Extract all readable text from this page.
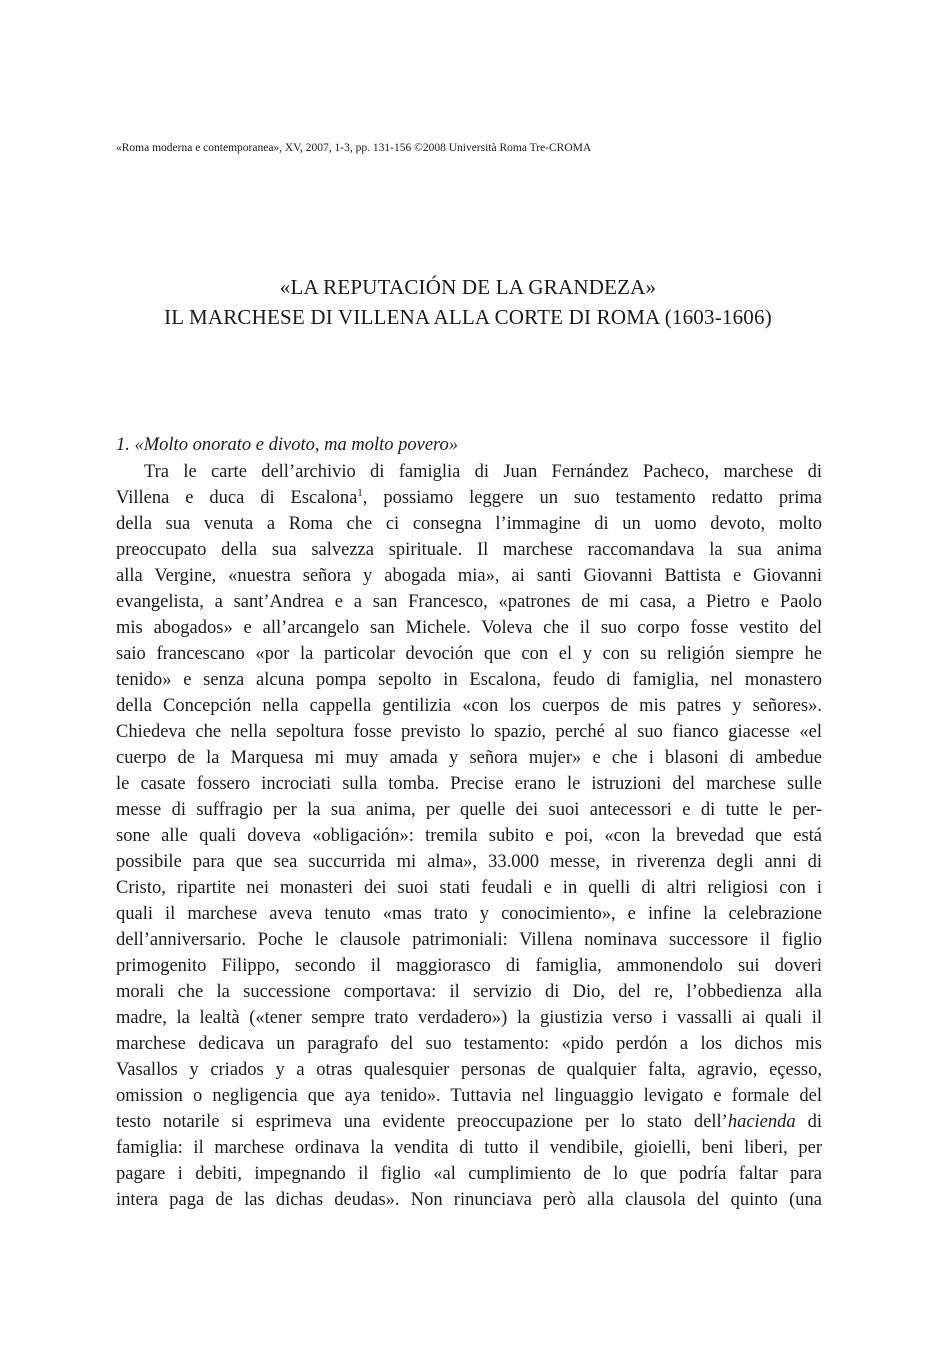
«Roma moderna e contemporanea», XV, 2007, 1-3, pp. 131-156 ©2008 Università Roma Tre-CROMA
«LA REPUTACIÓN DE LA GRANDEZA»
IL MARCHESE DI VILLENA ALLA CORTE DI ROMA (1603-1606)
1. «Molto onorato e divoto, ma molto povero»
Tra le carte dell’archivio di famiglia di Juan Fernández Pacheco, marchese di
Villena e duca di Escalona$^1$, possiamo leggere un suo testamento redatto prima
della sua venuta a Roma che ci consegna l’immagine di un uomo devoto, molto
preoccupato della sua salvezza spirituale. Il marchese raccomandava la sua anima
alla Vergine, «nuestra señora y abogada mia», ai santi Giovanni Battista e Giovanni
evangelista, a sant’Andrea e a san Francesco, «patrones de mi casa, a Pietro e Paolo
mis abogados» e all’arcangelo san Michele. Voleva che il suo corpo fosse vestito del
saio francescano «por la particolar devoción que con el y con su religión siempre he
tenido» e senza alcuna pompa sepolto in Escalona, feudo di famiglia, nel monastero
della Concepción nella cappella gentilizia «con los cuerpos de mis patres y señores».
Chiedeva che nella sepoltura fosse previsto lo spazio, perché al suo fianco giacesse «el
cuerpo de la Marquesa mi muy amada y señora mujer» e che i blasoni di ambedue
le casate fossero incrociati sulla tomba. Precise erano le istruzioni del marchese sulle
messe di suffragio per la sua anima, per quelle dei suoi antecessori e di tutte le per-
sone alle quali doveva «obligación»: tremila subito e poi, «con la brevedad que está
possibile para que sea succurrida mi alma», 33.000 messe, in riverenza degli anni di
Cristo, ripartite nei monasteri dei suoi stati feudali e in quelli di altri religiosi con i
quali il marchese aveva tenuto «mas trato y conocimiento», e infine la celebrazione
dell’anniversario. Poche le clausole patrimoniali: Villena nominava successore il figlio
primogenito Filippo, secondo il maggiorasco di famiglia, ammonendolo sui doveri
morali che la successione comportava: il servizio di Dio, del re, l’obbedienza alla
madre, la lealtà («tener sempre trato verdadero») la giustizia verso i vassalli ai quali il
marchese dedicava un paragrafo del suo testamento: «pido perdón a los dichos mis
Vasallos y criados y a otras qualesquier personas de qualquier falta, agravio, eçesso,
omission o negligencia que aya tenido». Tuttavia nel linguaggio levigato e formale del
testo notarile si esprimeva una evidente preoccupazione per lo stato dell’hacienda di
famiglia: il marchese ordinava la vendita di tutto il vendibile, gioielli, beni liberi, per
pagare i debiti, impegnando il figlio «al cumplimiento de lo que podría faltar para
intera paga de las dichas deudas». Non rinunciava però alla clausola del quinto (una
